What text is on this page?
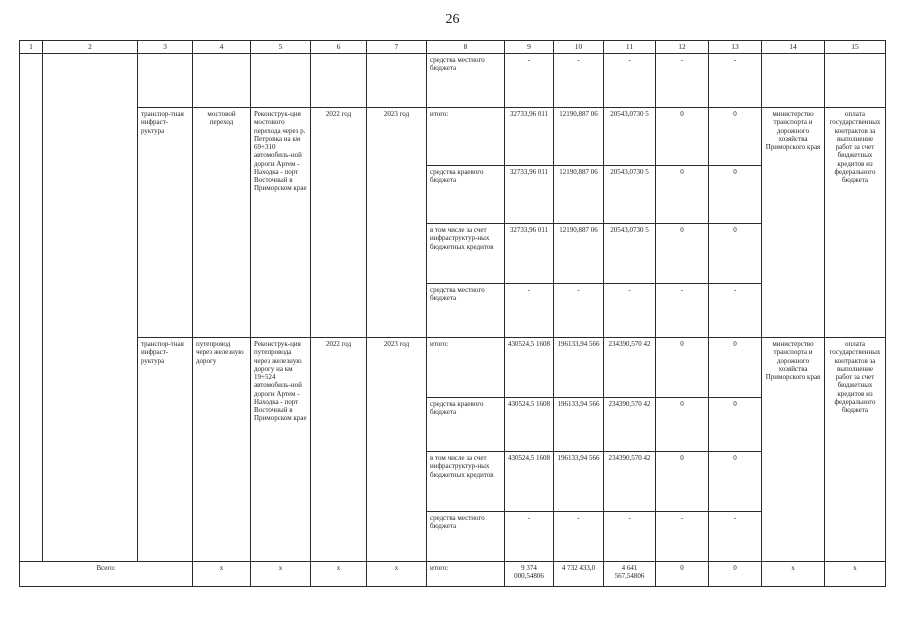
26
1	2	3	4	5	6	7	8	9	10	11	12	13	14	15
							средства местного бюджета	-	-	-	-	-		
		транспор-тная инфраст-руктура	мостовой переход	Реконструк-ция мостового перехода через р. Петровка на км 69+310 автомобиль-ной дороги Артем - Находка - порт Восточный в Приморском крае	2022 год	2023 год	итого:	32733,96 011	12190,887 06	20543,0730 5	0	0	министерство транспорта и дорожного хозяйства Приморского края	оплата государственных контрактов за выполнение работ за счет бюджетных кредитов из федерального бюджета
							средства краевого бюджета	32733,96 011	12190,887 06	20543,0730 5	0	0		
							в том числе за счет инфраструктур-ных бюджетных кредитов	32733,96 011	12190,887 06	20543,0730 5	0	0		
							средства местного бюджета	-	-	-	-	-		
		транспор-тная инфраст-руктура	путепровод через железную дорогу	Реконструк-ция путепровода через железную дорогу на км 19+524 автомобиль-ной дороги Артем - Находка - порт Восточный в Приморском крае	2022 год	2023 год	итого:	430524,5 1608	196133,94 566	234390,570 42	0	0	министерство транспорта и дорожного хозяйства Приморского края	оплата государственных контрактов за выполнение работ за счет бюджетных кредитов из федерального бюджета
							средства краевого бюджета	430524,5 1608	196133,94 566	234390,570 42	0	0		
							в том числе за счет инфраструктур-ных бюджетных кредитов	430524,5 1608	196133,94 566	234390,570 42	0	0		
							средства местного бюджета	-	-	-	-	-		
Всего:			x	x	x	x	итого:	9 374 000,54806	4 732 433,0	4 641 567,54806	0	0	x	x
